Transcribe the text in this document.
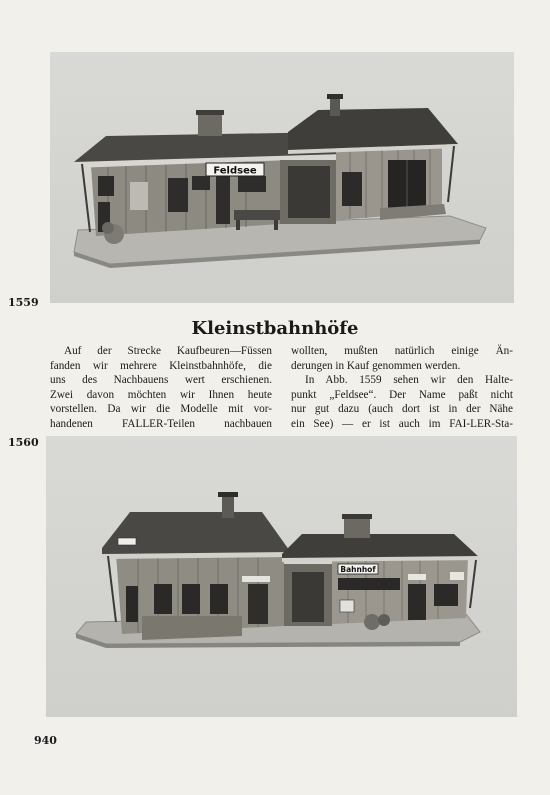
Feldsee
1559
Kleinstbahnhöfe

Auf der Strecke Kaufbeuren—Füssen

fanden wir mehrere Kleinstbahnhöfe, die
uns des Nachbauens wert erschienen.
Zwei davon möchten wir Ihnen heute
vorstellen. Da wir die Modelle mit vor-
handenen FALLER-Teilen nachbauen
wollten, mußten natürlich einige Än-
derungen in Kauf genommen werden.

In Abb. 1559 sehen wir den Halte-

punkt „Feldsee“. Der Name paßt nicht
nur gut dazu (auch dort ist in der Nähe
ein See) — er ist auch im FAI-LER-Sta-
1560
Bahnhof
940
